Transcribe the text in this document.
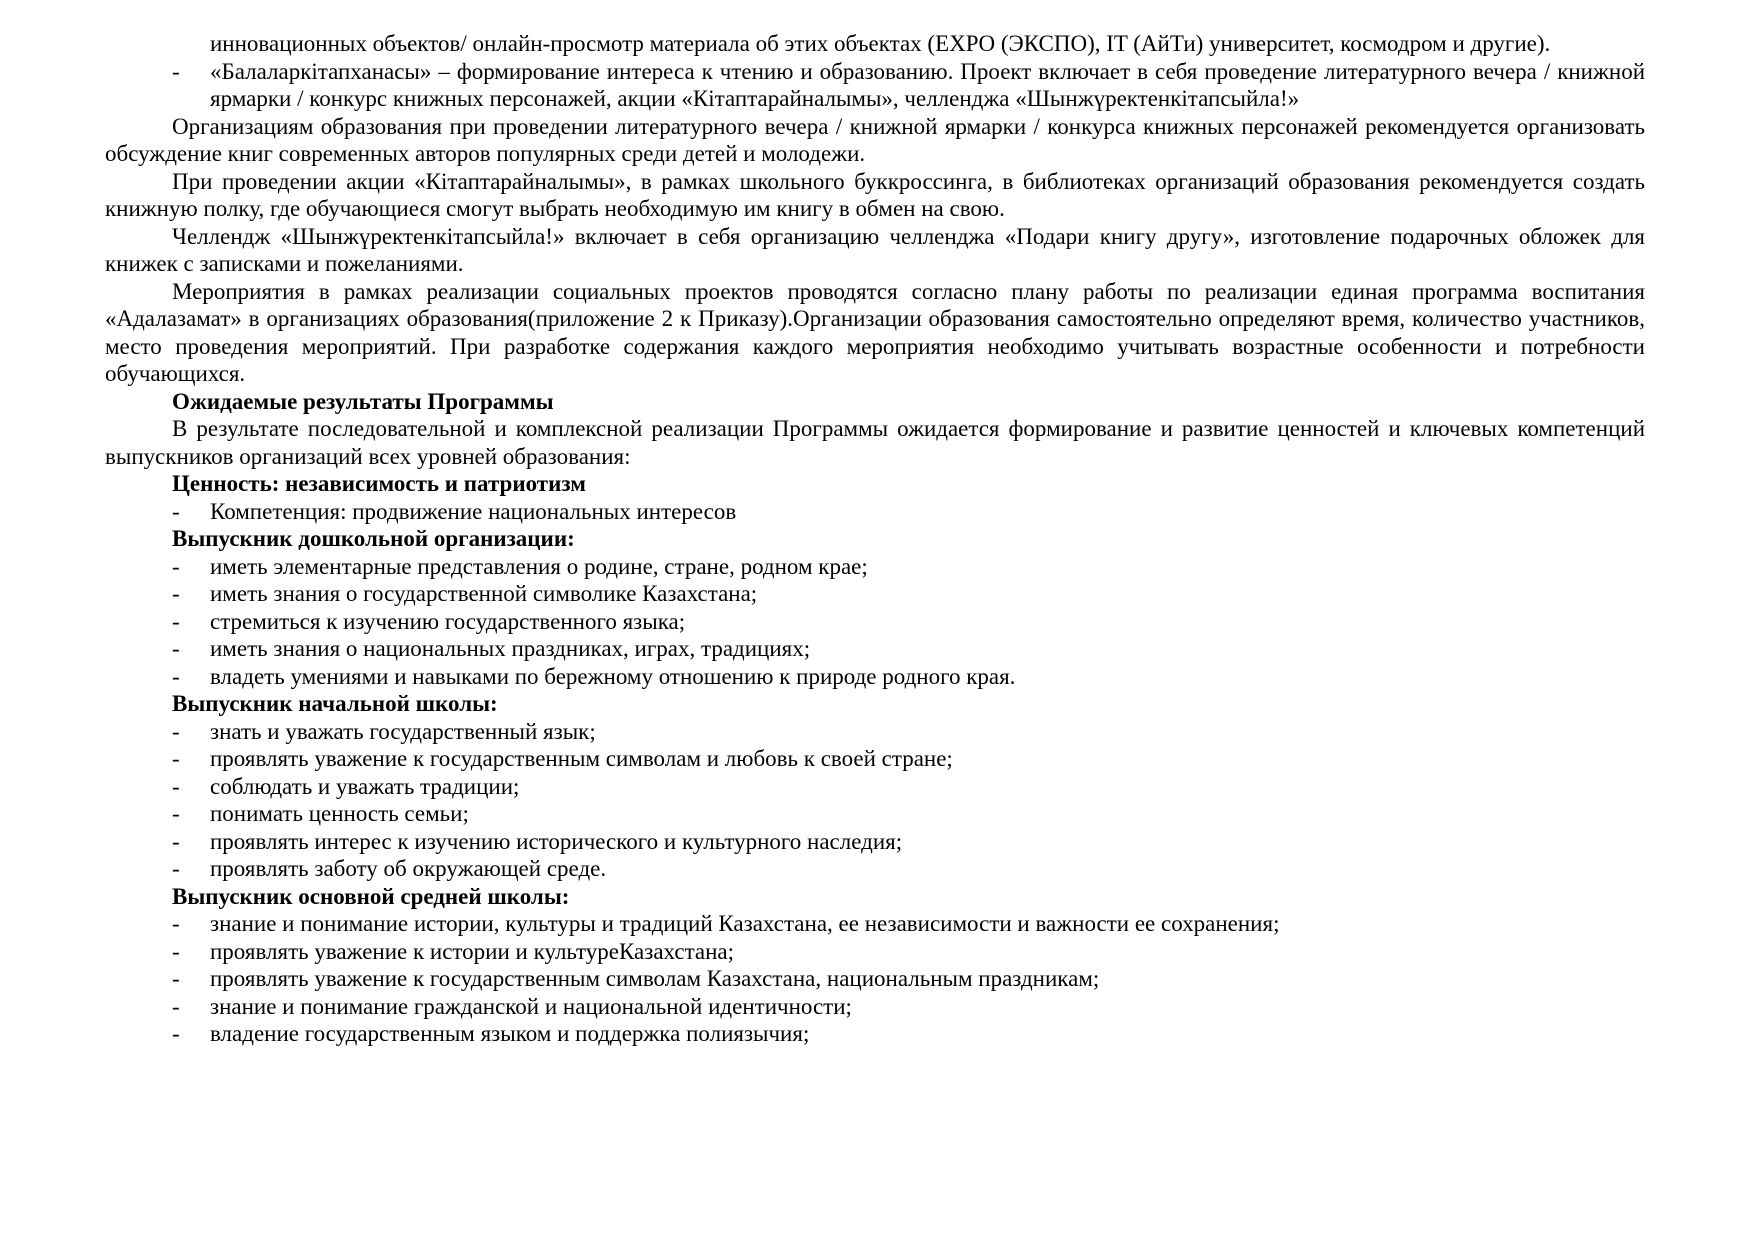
инновационных объектов/ онлайн-просмотр материала об этих объектах (EXPO (ЭКСПО), IT (АйТи) университет, космодром и другие).

- «Балаларкітапханасы» – формирование интереса к чтению и образованию. Проект включает в себя проведение литературного вечера / книжной ярмарки / конкурс книжных персонажей, акции «Кітаптарайналымы», челленджа «Шынжүректенкітапсыйла!»

Организациям образования при проведении литературного вечера / книжной ярмарки / конкурса книжных персонажей рекомендуется организовать обсуждение книг современных авторов популярных среди детей и молодежи.

При проведении акции «Кітаптарайналымы», в рамках школьного буккроссинга, в библиотеках организаций образования рекомендуется создать книжную полку, где обучающиеся смогут выбрать необходимую им книгу в обмен на свою.

Челлендж «Шынжүректенкітапсыйла!» включает в себя организацию челленджа «Подари книгу другу», изготовление подарочных обложек для книжек с записками и пожеланиями.

Мероприятия в рамках реализации социальных проектов проводятся согласно плану работы по реализации единая программа воспитания «Адалазамат» в организациях образования(приложение 2 к Приказу).Организации образования самостоятельно определяют время, количество участников, место проведения мероприятий. При разработке содержания каждого мероприятия необходимо учитывать возрастные особенности и потребности обучающихся.

Ожидаемые результаты Программы

В результате последовательной и комплексной реализации Программы ожидается формирование и развитие ценностей и ключевых компетенций выпускников организаций всех уровней образования:

Ценность: независимость и патриотизм

- Компетенция: продвижение национальных интересов

Выпускник дошкольной организации:

- иметь элементарные представления о родине, стране, родном крае;
- иметь знания о государственной символике Казахстана;
- стремиться к изучению государственного языка;
- иметь знания о национальных праздниках, играх, традициях;
- владеть умениями и навыками по бережному отношению к природе родного края.

Выпускник начальной школы:

- знать и уважать государственный язык;
- проявлять уважение к государственным символам и любовь к своей стране;
- соблюдать и уважать традиции;
- понимать ценность семьи;
- проявлять интерес к изучению исторического и культурного наследия;
- проявлять заботу об окружающей среде.

Выпускник основной средней школы:

- знание и понимание истории, культуры и традиций Казахстана, ее независимости и важности ее сохранения;
- проявлять уважение к истории и культуреКазахстана;
- проявлять уважение к государственным символам Казахстана, национальным праздникам;
- знание и понимание гражданской и национальной идентичности;
- владение государственным языком и поддержка полиязычия;
